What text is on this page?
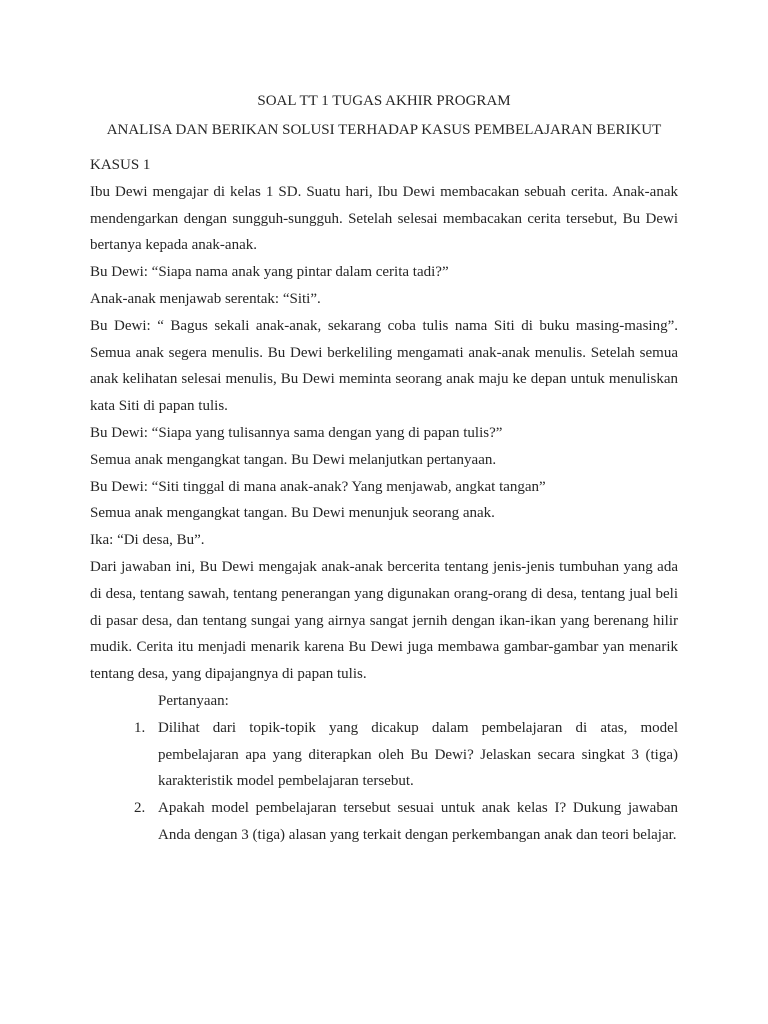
SOAL TT 1 TUGAS AKHIR PROGRAM
ANALISA DAN BERIKAN SOLUSI TERHADAP KASUS PEMBELAJARAN BERIKUT

KASUS 1

Ibu Dewi mengajar di kelas 1 SD. Suatu hari, Ibu Dewi membacakan sebuah cerita. Anak-anak mendengarkan dengan sungguh-sungguh. Setelah selesai membacakan cerita tersebut, Bu Dewi bertanya kepada anak-anak.

Bu Dewi: “Siapa nama anak yang pintar dalam cerita tadi?”

Anak-anak menjawab serentak: “Siti”.

Bu Dewi: “ Bagus sekali anak-anak, sekarang coba tulis nama Siti di buku masing-masing”. Semua anak segera menulis. Bu Dewi berkeliling mengamati anak-anak menulis. Setelah semua anak kelihatan selesai menulis, Bu Dewi meminta seorang anak maju ke depan untuk menuliskan kata Siti di papan tulis.

Bu Dewi: “Siapa yang tulisannya sama dengan yang di papan tulis?”

Semua anak mengangkat tangan. Bu Dewi melanjutkan pertanyaan.

Bu Dewi: “Siti tinggal di mana anak-anak? Yang menjawab, angkat tangan”

Semua anak mengangkat tangan. Bu Dewi menunjuk seorang anak.

Ika: “Di desa, Bu”.

Dari jawaban ini, Bu Dewi mengajak anak-anak bercerita tentang jenis-jenis tumbuhan yang ada di desa, tentang sawah, tentang penerangan yang digunakan orang-orang di desa, tentang jual beli di pasar desa, dan tentang sungai yang airnya sangat jernih dengan ikan-ikan yang berenang hilir mudik. Cerita itu menjadi menarik karena Bu Dewi juga membawa gambar-gambar yan menarik tentang desa, yang dipajangnya di papan tulis.

Pertanyaan:

1. Dilihat dari topik-topik yang dicakup dalam pembelajaran di atas, model pembelajaran apa yang diterapkan oleh Bu Dewi? Jelaskan secara singkat 3 (tiga) karakteristik model pembelajaran tersebut.
2. Apakah model pembelajaran tersebut sesuai untuk anak kelas I? Dukung jawaban Anda dengan 3 (tiga) alasan yang terkait dengan perkembangan anak dan teori belajar.
